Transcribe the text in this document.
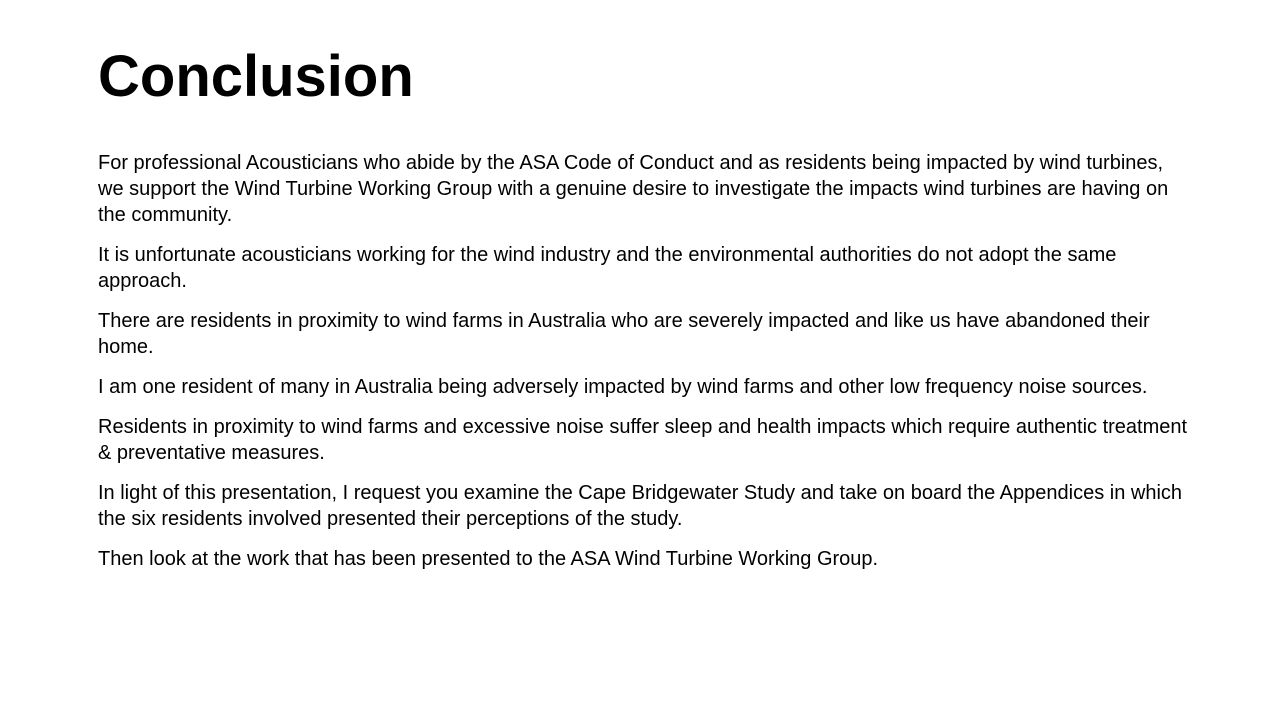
Conclusion

For professional Acousticians who abide by the ASA Code of Conduct and as residents being impacted by wind turbines, we support the Wind Turbine Working Group with a genuine desire to investigate the impacts wind turbines are having on the community.

It is unfortunate acousticians working for the wind industry and the environmental authorities do not adopt the same approach.

There are residents in proximity to wind farms in Australia who are severely impacted and like us have abandoned their home.

I am one resident of many in Australia being adversely impacted by wind farms and other low frequency noise sources.

Residents in proximity to wind farms and excessive noise suffer sleep and health impacts which require authentic treatment & preventative measures.

In light of this presentation, I request you examine the Cape Bridgewater Study and take on board the Appendices in which the six residents involved presented their perceptions of the study.

Then look at the work that has been presented to the ASA Wind Turbine Working Group.
